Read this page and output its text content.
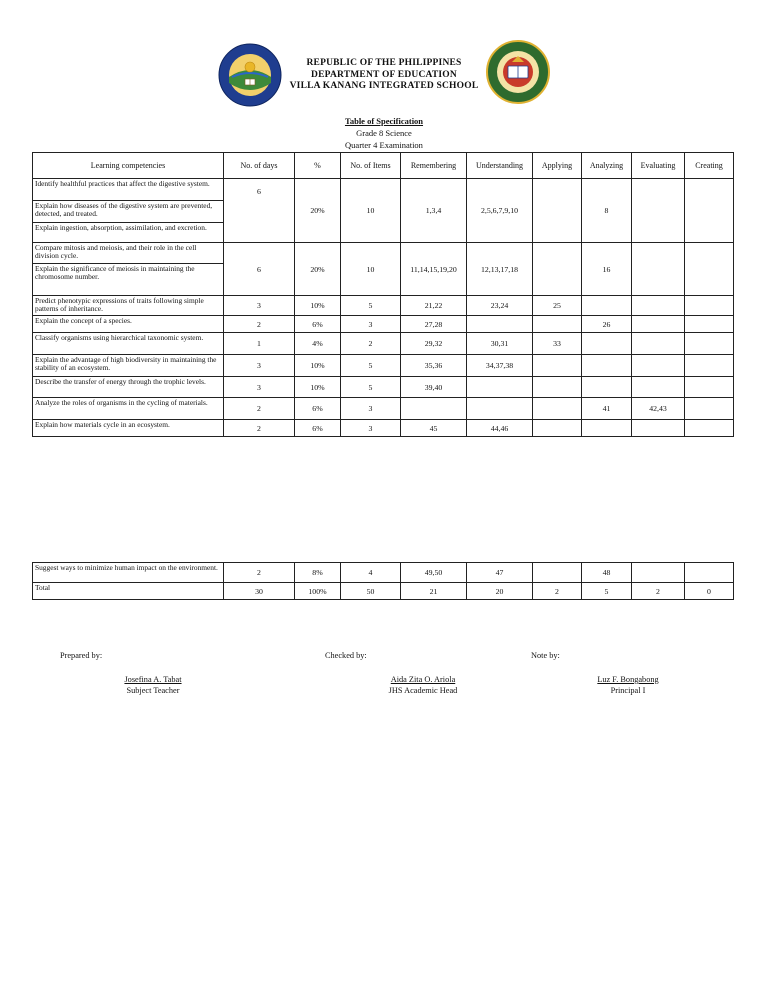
REPUBLIC OF THE PHILIPPINES
DEPARTMENT OF EDUCATION
VILLA KANANG INTEGRATED SCHOOL
Table of Specification
Grade 8 Science
Quarter 4 Examination
Learning competencies	No. of days	%	No. of Items	Remembering	Understanding	Applying	Analyzing	Evaluating	Creating
Identify healthful practices that affect the digestive system.	6	20%	10	1,3,4	2,5,6,7,9,10		8		
Explain how diseases of the digestive system are prevented, detected, and treated.									
Explain ingestion, absorption, assimilation, and excretion.									
Compare mitosis and meiosis, and their role in the cell division cycle.	6	20%	10	11,14,15,19,20	12,13,17,18		16		
Explain the significance of meiosis in maintaining the
chromosome number.									
Predict phenotypic expressions of traits following simple patterns of inheritance.	3	10%	5	21,22	23,24	25			
Explain the concept of a species.	2	6%	3	27,28			26		
Classify organisms using hierarchical taxonomic system.	1	4%	2	29,32	30,31	33			
Explain the advantage of high biodiversity in maintaining the stability of an ecosystem.	3	10%	5	35,36	34,37,38				
Describe the transfer of energy through the trophic levels.	3	10%	5	39,40					
Analyze the roles of organisms in the cycling of materials.	2	6%	3				41	42,43	
Explain how materials cycle in an ecosystem.	2	6%	3	45	44,46				
Suggest ways to minimize human impact on the environment.	2	8%	4	49,50	47		48		
Total	30	100%	50	21	20	2	5	2	0
Prepared by:	Checked by:	Note by:
Josefina A. Tabat
Subject Teacher
Aida Zita O. Ariola
JHS Academic Head
Luz F. Bongabong
Principal I
